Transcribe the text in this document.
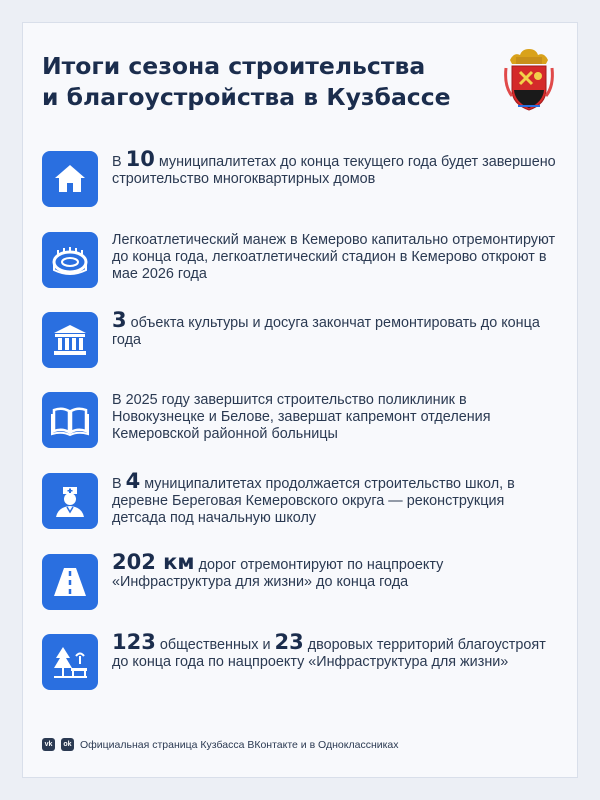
Итоги сезона строительства
и благоустройства в Кузбассе

В 10 муниципалитетах до конца текущего года будет завершено строительство многоквартирных домов

Легкоатлетический манеж в Кемерово капитально отремонтируют до конца года, легкоатлетический стадион в Кемерово откроют в мае 2026 года

3 объекта культуры и досуга закончат ремонтировать до конца года

В 2025 году завершится строительство поликлиник в Новокузнецке и Белове, завершат капремонт отделения Кемеровской районной больницы

В 4 муниципалитетах продолжается строительство школ, в деревне Береговая Кемеровского округа — реконструкция детсада под начальную школу

202 км дорог отремонтируют по нацпроекту «Инфраструктура для жизни» до конца года

123 общественных и 23 дворовых территорий благоустроят до конца года по нацпроекту «Инфраструктура для жизни»

vk	ok Официальная страница Кузбасса ВКонтакте и в Одноклассниках
